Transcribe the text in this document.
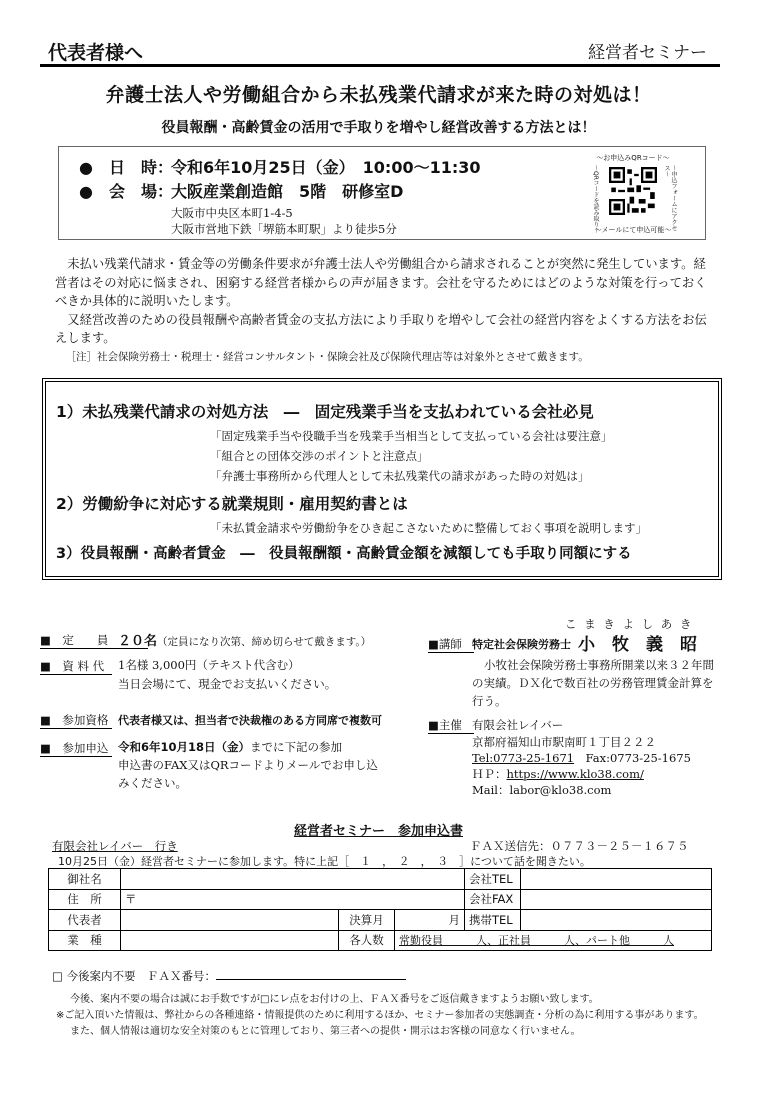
代表者様へ	経営者セミナー
弁護士法人や労働組合から未払残業代請求が来た時の対処は！
役員報酬・高齢賃金の活用で手取りを増やし経営改善する方法とは！
●　日　時：令和6年10月25日（金）　10:00〜11:30
●　会　場：大阪産業創造館　5階　研修室D
大阪市中央区本町1-4-5
大阪市営地下鉄「堺筋本町駅」より徒歩5分
〜お申込みQRコード〜
〜QRコードを読み取り〜	〜申込フォームにアクセス〜
〜メールにて申込可能〜

未払い残業代請求・賃金等の労働条件要求が弁護士法人や労働組合から請求されることが突然に発生しています。経営者はその対応に悩まされ、困窮する経営者様からの声が届きます。会社を守るためにはどのような対策を行っておくべきか具体的に説明いたします。

又経営改善のための役員報酬や高齢者賃金の支払方法により手取りを増やして会社の経営内容をよくする方法をお伝えします。

［注］社会保険労務士・税理士・経営コンサルタント・保険会社及び保険代理店等は対象外とさせて戴きます。

1）未払残業代請求の対処方法　―　固定残業手当を支払われている会社必見
「固定残業手当や役職手当を残業手当相当として支払っている会社は要注意」
「組合との団体交渉のポイントと注意点」
「弁護士事務所から代理人として未払残業代の請求があった時の対処は」
2）労働紛争に対応する就業規則・雇用契約書とは
「未払賃金請求や労働紛争をひき起こさないために整備しておく事項を説明します」
3）役員報酬・高齢者賃金　―　役員報酬額・高齢賃金額を減額しても手取り同額にする
■　定　　員 ２０名（定員になり次第、締め切らせて戴きます。）
■　資 料 代	1名様 3,000円（テキスト代含む）
当日会場にて、現金でお支払いください。
■　参加資格 代表者様又は、担当者で決裁権のある方同席で複数可
■　参加申込 令和6年10月18日（金）までに下記の参加
申込書のFAX又はQRコードよりメールでお申し込
みください。
こ ま き よ し あ き
■講師 特定社会保険労務士 小　牧　義　昭
小牧社会保険労務士事務所開業以来３２年間
の実績。ＤＸ化で数百社の労務管理賃金計算を
行う。
■主催 有限会社レイバー
京都府福知山市駅南町１丁目２２２
Tel:0773-25-1671　 Fax:0773-25-1675
ＨＰ：https://www.klo38.com/
Mail：labor@klo38.com
経営者セミナー　参加申込書
有限会社レイバー　行き	ＦＡＸ送信先：０７７３－２５－１６７５
10月25日（金）経営者セミナーに参加します。特に上記［　１　，　２　，　３　］について話を聞きたい。
御社名				会社TEL	
住　所	〒			会社FAX	
代表者		決算月	月	携帯TEL	
業　種		各人数	常勤役員　　　人、正社員　　　人、パート他　　　人		
□ 今後案内不要　ＦＡＸ番号：
今後、案内不要の場合は誠にお手数ですが□にレ点をお付けの上、ＦＡＸ番号をご返信戴きますようお願い致します。
※ご記入頂いた情報は、弊社からの各種連絡・情報提供のために利用するほか、セミナー参加者の実態調査・分析の為に利用する事があります。
また、個人情報は適切な安全対策のもとに管理しており、第三者への提供・開示はお客様の同意なく行いません。
